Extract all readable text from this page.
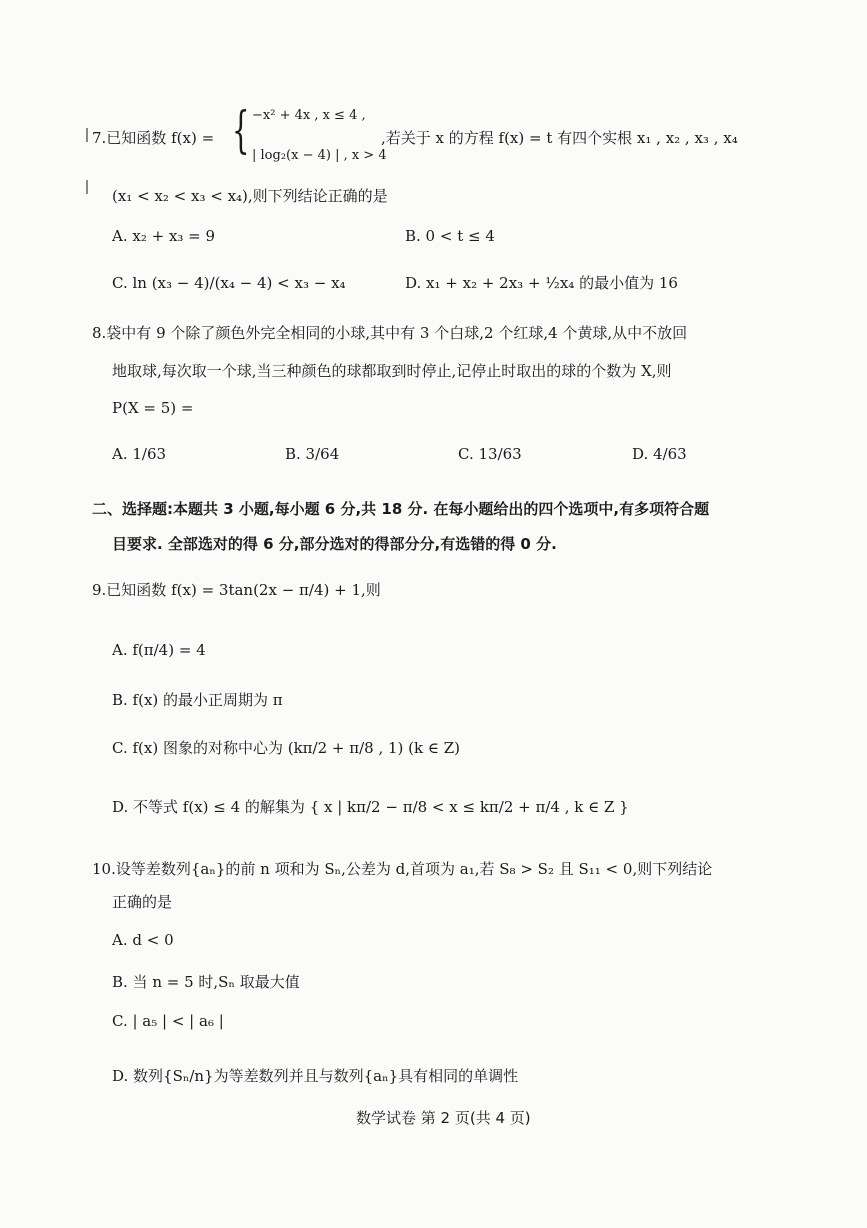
7.已知函数 f(x) = { −x² + 4x , x ≤ 4 ,
| log₂(x − 4) | , x > 4
,若关于 x 的方程 f(x) = t 有四个实根 x₁ , x₂ , x₃ , x₄
(x₁ < x₂ < x₃ < x₄),则下列结论正确的是
A. x₂ + x₃ = 9	B. 0 < t ≤ 4
C. ln (x₃ − 4)/(x₄ − 4) < x₃ − x₄	D. x₁ + x₂ + 2x₃ + ½x₄ 的最小值为 16
8.袋中有 9 个除了颜色外完全相同的小球,其中有 3 个白球,2 个红球,4 个黄球,从中不放回
地取球,每次取一个球,当三种颜色的球都取到时停止,记停止时取出的球的个数为 X,则
P(X = 5) =
A. 1/63	B. 3/64	C. 13/63	D. 4/63
二、选择题:本题共 3 小题,每小题 6 分,共 18 分. 在每小题给出的四个选项中,有多项符合题
目要求. 全部选对的得 6 分,部分选对的得部分分,有选错的得 0 分.
9.已知函数 f(x) = 3tan(2x − π/4) + 1,则
A. f(π/4) = 4
B. f(x) 的最小正周期为 π
C. f(x) 图象的对称中心为 (kπ/2 + π/8 , 1) (k ∈ Z)
D. 不等式 f(x) ≤ 4 的解集为 { x | kπ/2 − π/8 < x ≤ kπ/2 + π/4 , k ∈ Z }
10.设等差数列{aₙ}的前 n 项和为 Sₙ,公差为 d,首项为 a₁,若 S₈ > S₂ 且 S₁₁ < 0,则下列结论
正确的是
A. d < 0
B. 当 n = 5 时,Sₙ 取最大值
C. | a₅ | < | a₆ |
D. 数列{Sₙ/n}为等差数列并且与数列{aₙ}具有相同的单调性
数学试卷 第 2 页(共 4 页)
